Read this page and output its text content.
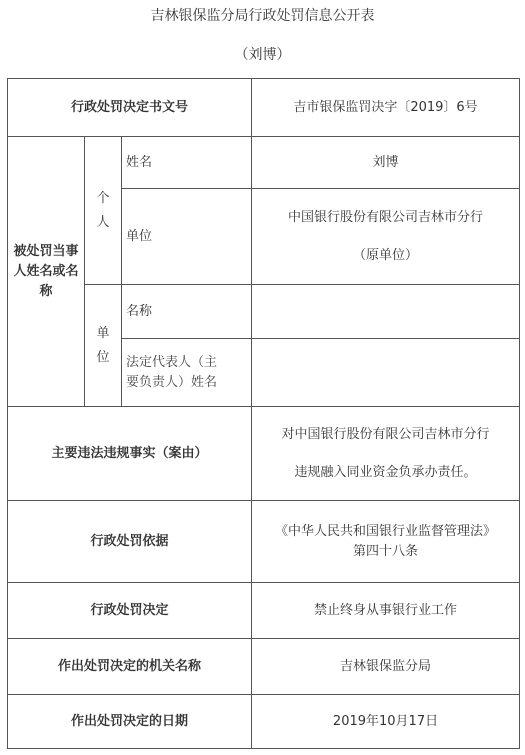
吉林银保监分局行政处罚信息公开表
（刘博）
行政处罚决定书文号			吉市银保监罚决字〔2019〕6号
被处罚当事人姓名或名称	个人	姓名	刘博
		单位	中国银行股份有限公司吉林市分行
（原单位）

	单位	名称	

		法定代表人（主
要负责人）姓名	

主要违法违规事实（案由）			对中国银行股份有限公司吉林市分行
违规融入同业资金负承办责任。

行政处罚依据			《中华人民共和国银行业监督管理法》
第四十八条

行政处罚决定			禁止终身从事银行业工作
作出处罚决定的机关名称			吉林银保监分局
作出处罚决定的日期			2019年10月17日
